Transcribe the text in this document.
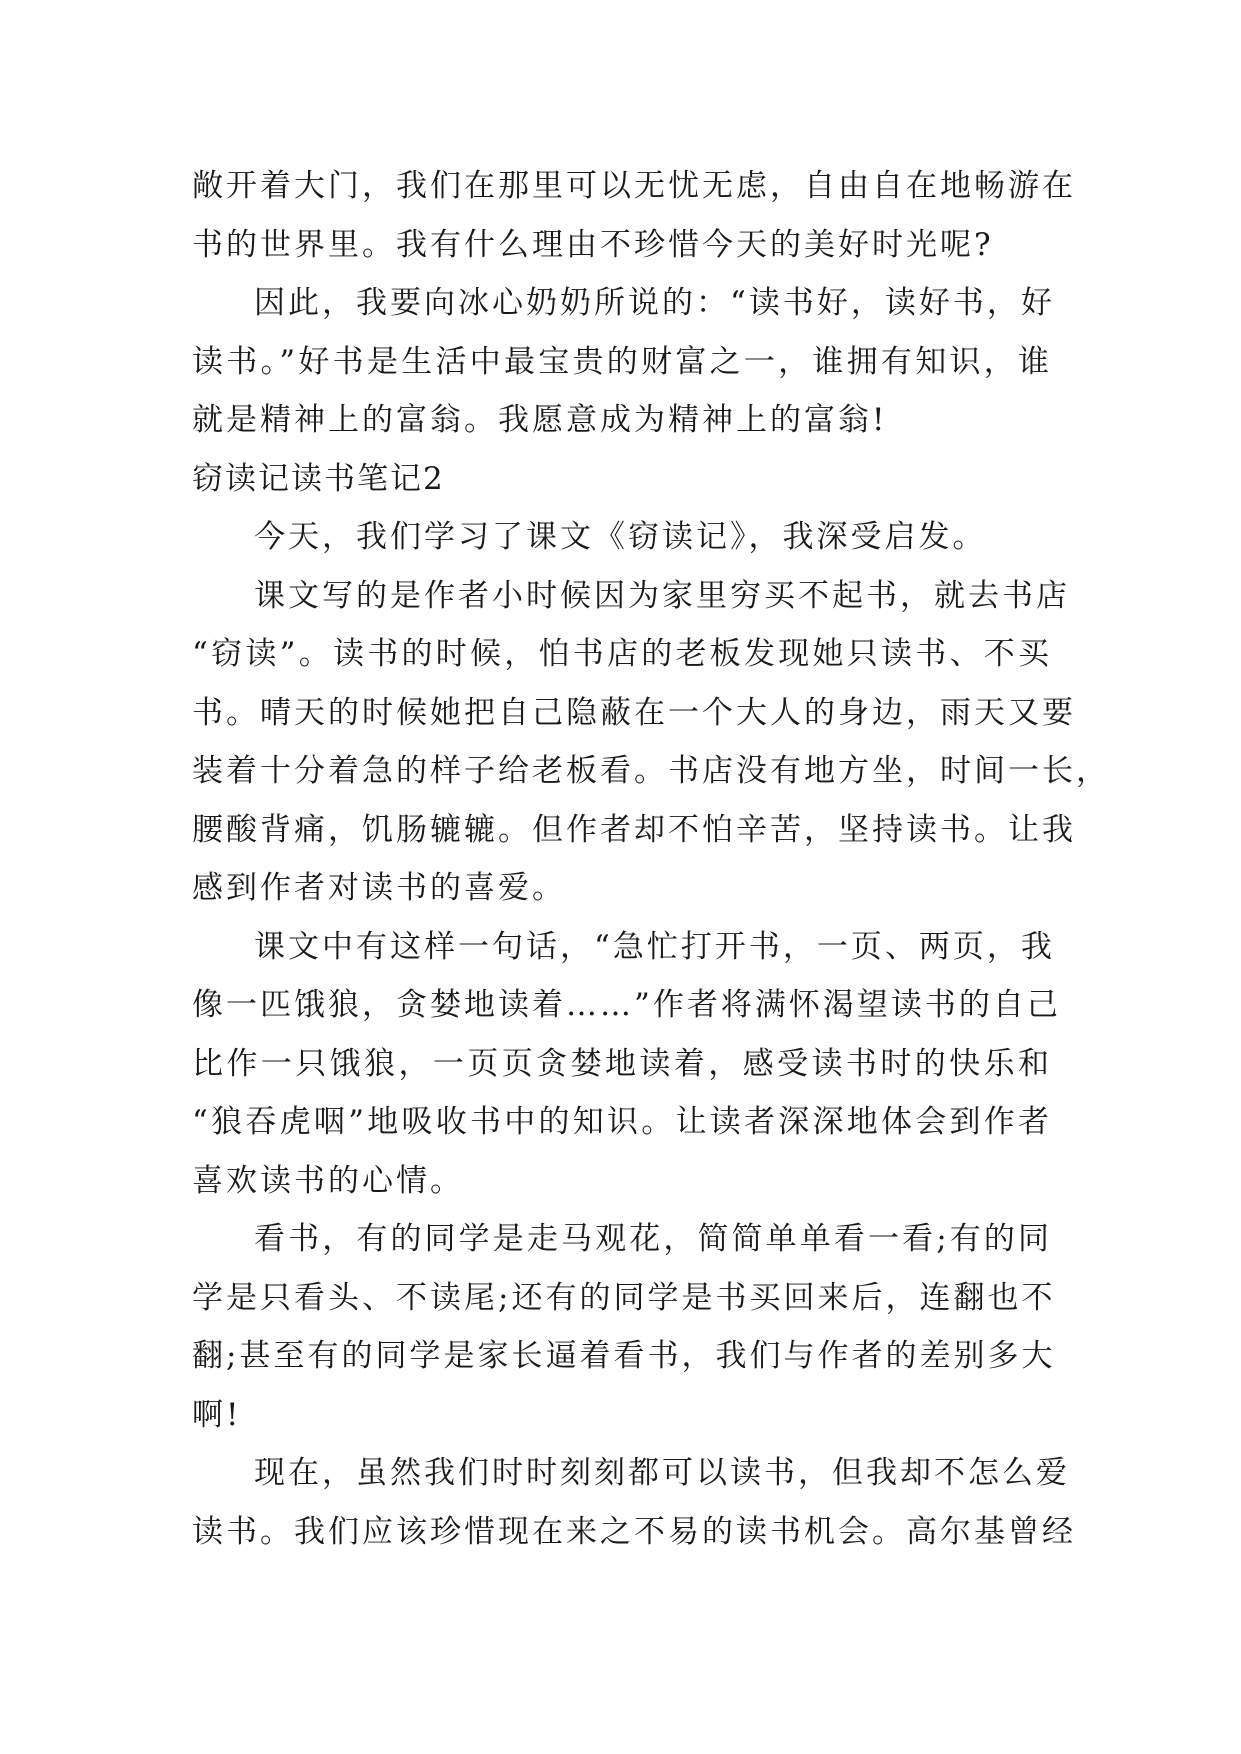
敞开着大门，我们在那里可以无忧无虑，自由自在地畅游在
书的世界里。我有什么理由不珍惜今天的美好时光呢?
因此，我要向冰心奶奶所说的：“读书好，读好书，好
读书。”好书是生活中最宝贵的财富之一，谁拥有知识，谁
就是精神上的富翁。我愿意成为精神上的富翁!
窃读记读书笔记2
今天，我们学习了课文《窃读记》，我深受启发。
课文写的是作者小时候因为家里穷买不起书，就去书店
“窃读”。读书的时候，怕书店的老板发现她只读书、不买
书。晴天的时候她把自己隐蔽在一个大人的身边，雨天又要
装着十分着急的样子给老板看。书店没有地方坐，时间一长，
腰酸背痛，饥肠辘辘。但作者却不怕辛苦，坚持读书。让我
感到作者对读书的喜爱。
课文中有这样一句话，“急忙打开书，一页、两页，我
像一匹饿狼，贪婪地读着……”作者将满怀渴望读书的自己
比作一只饿狼，一页页贪婪地读着，感受读书时的快乐和
“狼吞虎咽”地吸收书中的知识。让读者深深地体会到作者
喜欢读书的心情。
看书，有的同学是走马观花，简简单单看一看;有的同
学是只看头、不读尾;还有的同学是书买回来后，连翻也不
翻;甚至有的同学是家长逼着看书，我们与作者的差别多大
啊!
现在，虽然我们时时刻刻都可以读书，但我却不怎么爱
读书。我们应该珍惜现在来之不易的读书机会。高尔基曾经
